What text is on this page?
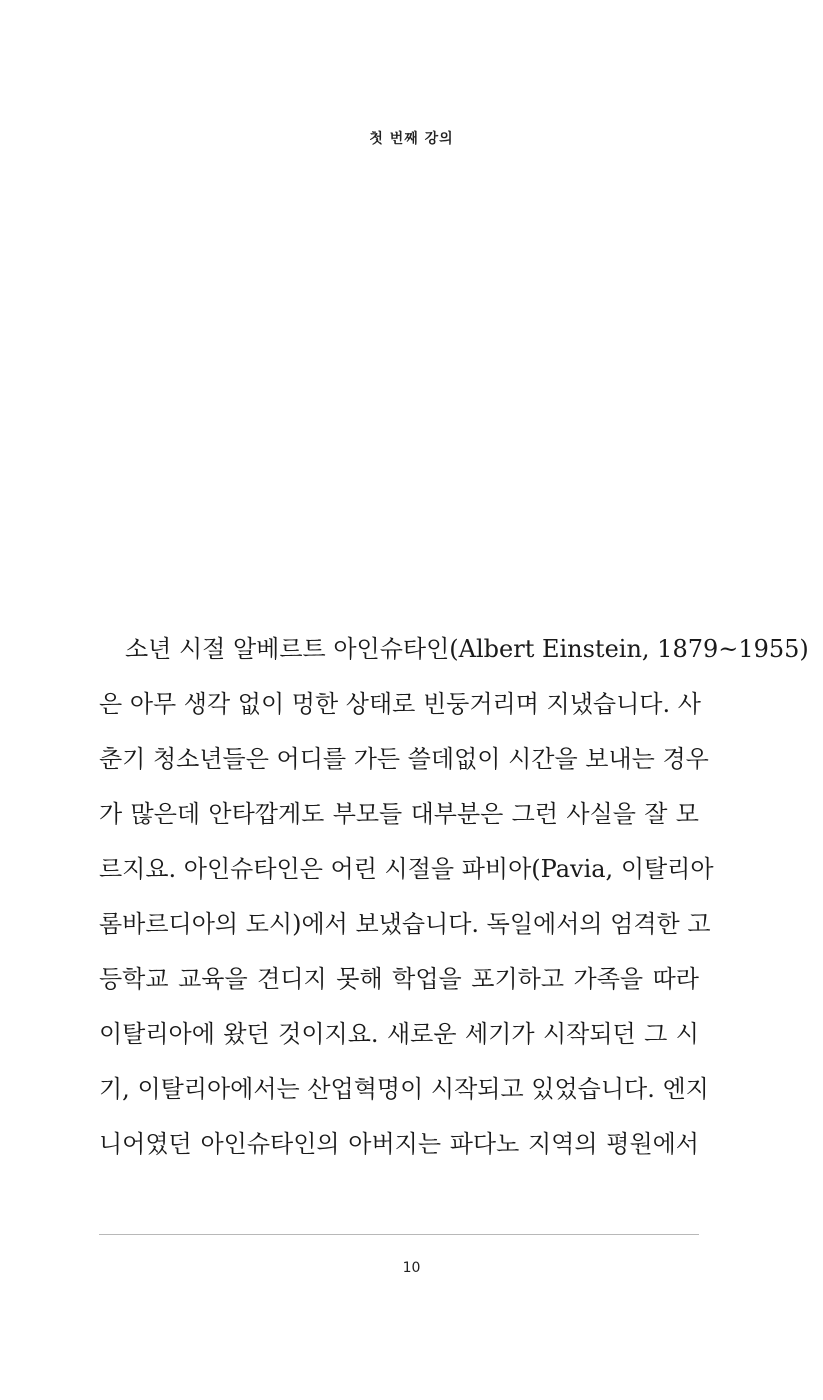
첫 번째 강의
소년 시절 알베르트 아인슈타인(Albert Einstein, 1879~1955)
은 아무 생각 없이 멍한 상태로 빈둥거리며 지냈습니다. 사
춘기 청소년들은 어디를 가든 쓸데없이 시간을 보내는 경우
가 많은데 안타깝게도 부모들 대부분은 그런 사실을 잘 모
르지요. 아인슈타인은 어린 시절을 파비아(Pavia, 이탈리아
롬바르디아의 도시)에서 보냈습니다. 독일에서의 엄격한 고
등학교 교육을 견디지 못해 학업을 포기하고 가족을 따라
이탈리아에 왔던 것이지요. 새로운 세기가 시작되던 그 시
기, 이탈리아에서는 산업혁명이 시작되고 있었습니다. 엔지
니어였던 아인슈타인의 아버지는 파다노 지역의 평원에서
10
